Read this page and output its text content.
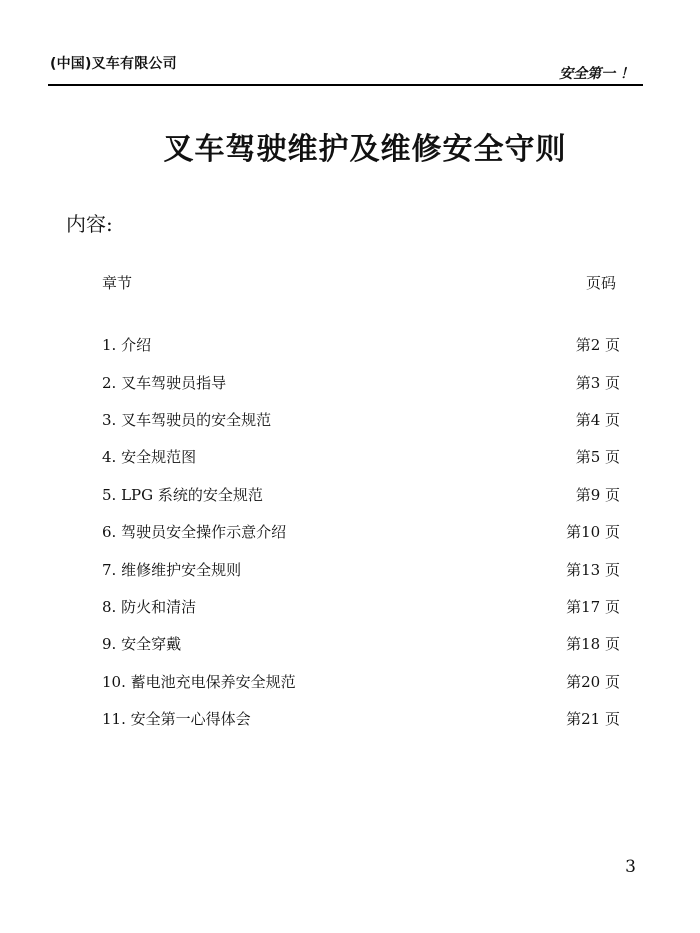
(中国)叉车有限公司
安全第一 ！
叉车驾驶维护及维修安全守则
内容:
章节	页码
1. 介绍	第2 页
2. 叉车驾驶员指导	第3 页
3. 叉车驾驶员的安全规范	第4 页
4. 安全规范图	第5 页
5. LPG 系统的安全规范	第9 页
6. 驾驶员安全操作示意介绍	第10 页
7. 维修维护安全规则	第13 页
8. 防火和清洁	第17 页
9. 安全穿戴	第18 页
10. 蓄电池充电保养安全规范	第20 页
11. 安全第一心得体会	第21 页
3
